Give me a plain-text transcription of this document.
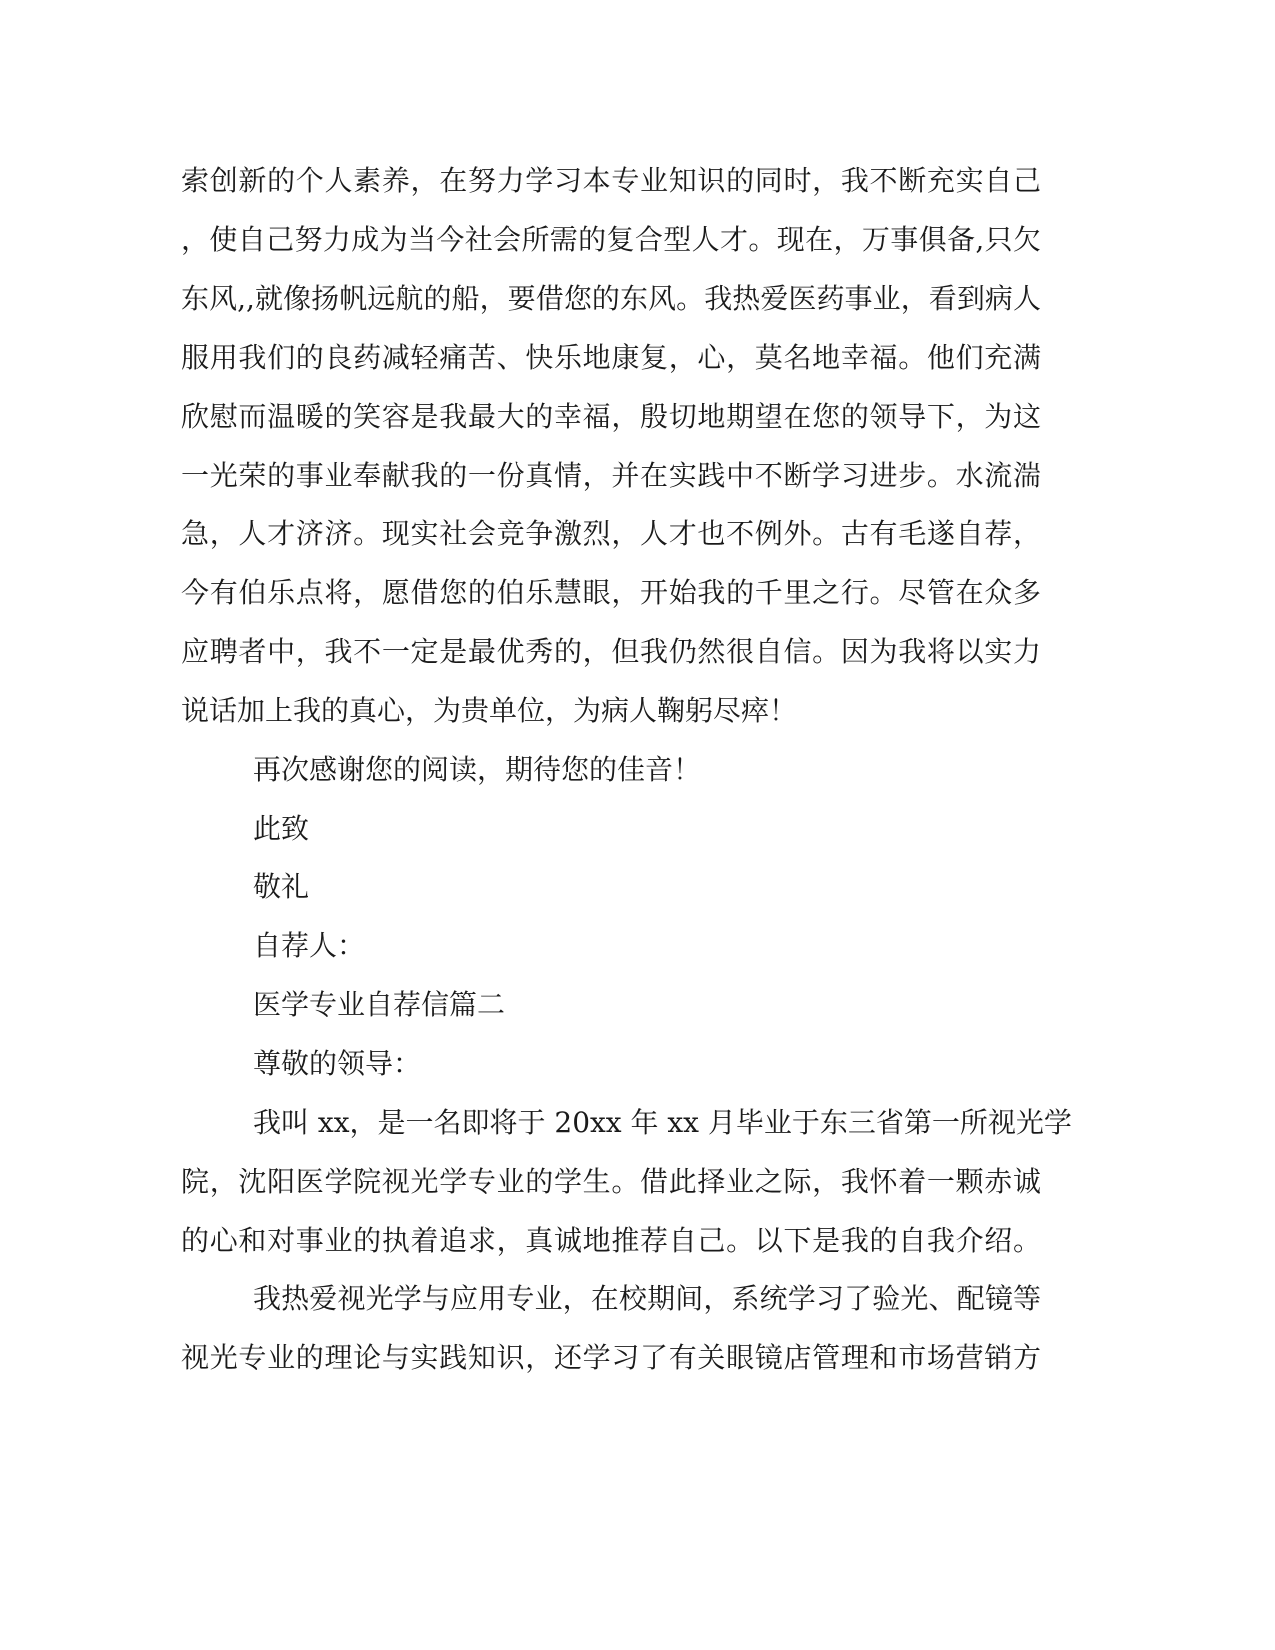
索创新的个人素养，在努力学习本专业知识的同时，我不断充实自己
，使自己努力成为当今社会所需的复合型人才。现在，万事俱备,只欠
东风,,就像扬帆远航的船，要借您的东风。我热爱医药事业，看到病人
服用我们的良药减轻痛苦、快乐地康复，心，莫名地幸福。他们充满
欣慰而温暖的笑容是我最大的幸福，殷切地期望在您的领导下，为这
一光荣的事业奉献我的一份真情，并在实践中不断学习进步。水流湍
急，人才济济。现实社会竞争激烈，人才也不例外。古有毛遂自荐，
今有伯乐点将，愿借您的伯乐慧眼，开始我的千里之行。尽管在众多
应聘者中，我不一定是最优秀的，但我仍然很自信。因为我将以实力
说话加上我的真心，为贵单位，为病人鞠躬尽瘁！
再次感谢您的阅读，期待您的佳音！
此致
敬礼
自荐人：
医学专业自荐信篇二
尊敬的领导：
我叫 xx，是一名即将于 20xx 年 xx 月毕业于东三省第一所视光学
院，沈阳医学院视光学专业的学生。借此择业之际，我怀着一颗赤诚
的心和对事业的执着追求，真诚地推荐自己。以下是我的自我介绍。
我热爱视光学与应用专业，在校期间，系统学习了验光、配镜等
视光专业的理论与实践知识，还学习了有关眼镜店管理和市场营销方
